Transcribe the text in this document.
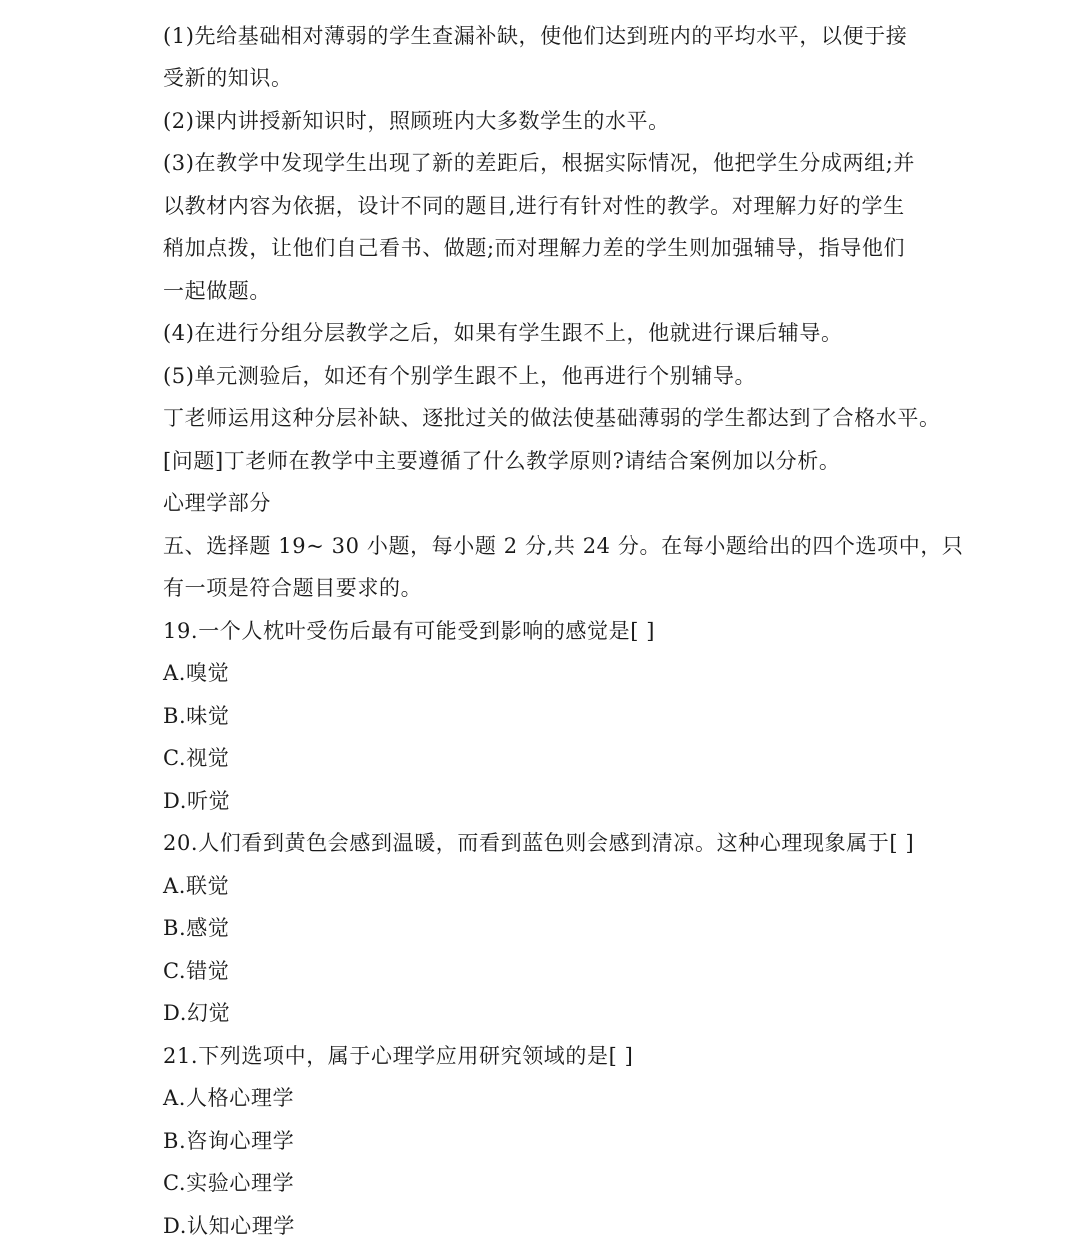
(1)先给基础相对薄弱的学生查漏补缺，使他们达到班内的平均水平，以便于接
受新的知识。
(2)课内讲授新知识时，照顾班内大多数学生的水平。
(3)在教学中发现学生出现了新的差距后，根据实际情况，他把学生分成两组;并
以教材内容为依据，设计不同的题目,进行有针对性的教学。对理解力好的学生
稍加点拨，让他们自己看书、做题;而对理解力差的学生则加强辅导，指导他们
一起做题。
(4)在进行分组分层教学之后，如果有学生跟不上，他就进行课后辅导。
(5)单元测验后，如还有个别学生跟不上，他再进行个别辅导。
丁老师运用这种分层补缺、逐批过关的做法使基础薄弱的学生都达到了合格水平。
[问题]丁老师在教学中主要遵循了什么教学原则?请结合案例加以分析。
心理学部分
五、选择题 19~ 30 小题，每小题 2 分,共 24 分。在每小题给出的四个选项中，只
有一项是符合题目要求的。
19.一个人枕叶受伤后最有可能受到影响的感觉是[ ]
A.嗅觉
B.味觉
C.视觉
D.听觉
20.人们看到黄色会感到温暖，而看到蓝色则会感到清凉。这种心理现象属于[ ]
A.联觉
B.感觉
C.错觉
D.幻觉
21.下列选项中，属于心理学应用研究领域的是[ ]
A.人格心理学
B.咨询心理学
C.实验心理学
D.认知心理学
